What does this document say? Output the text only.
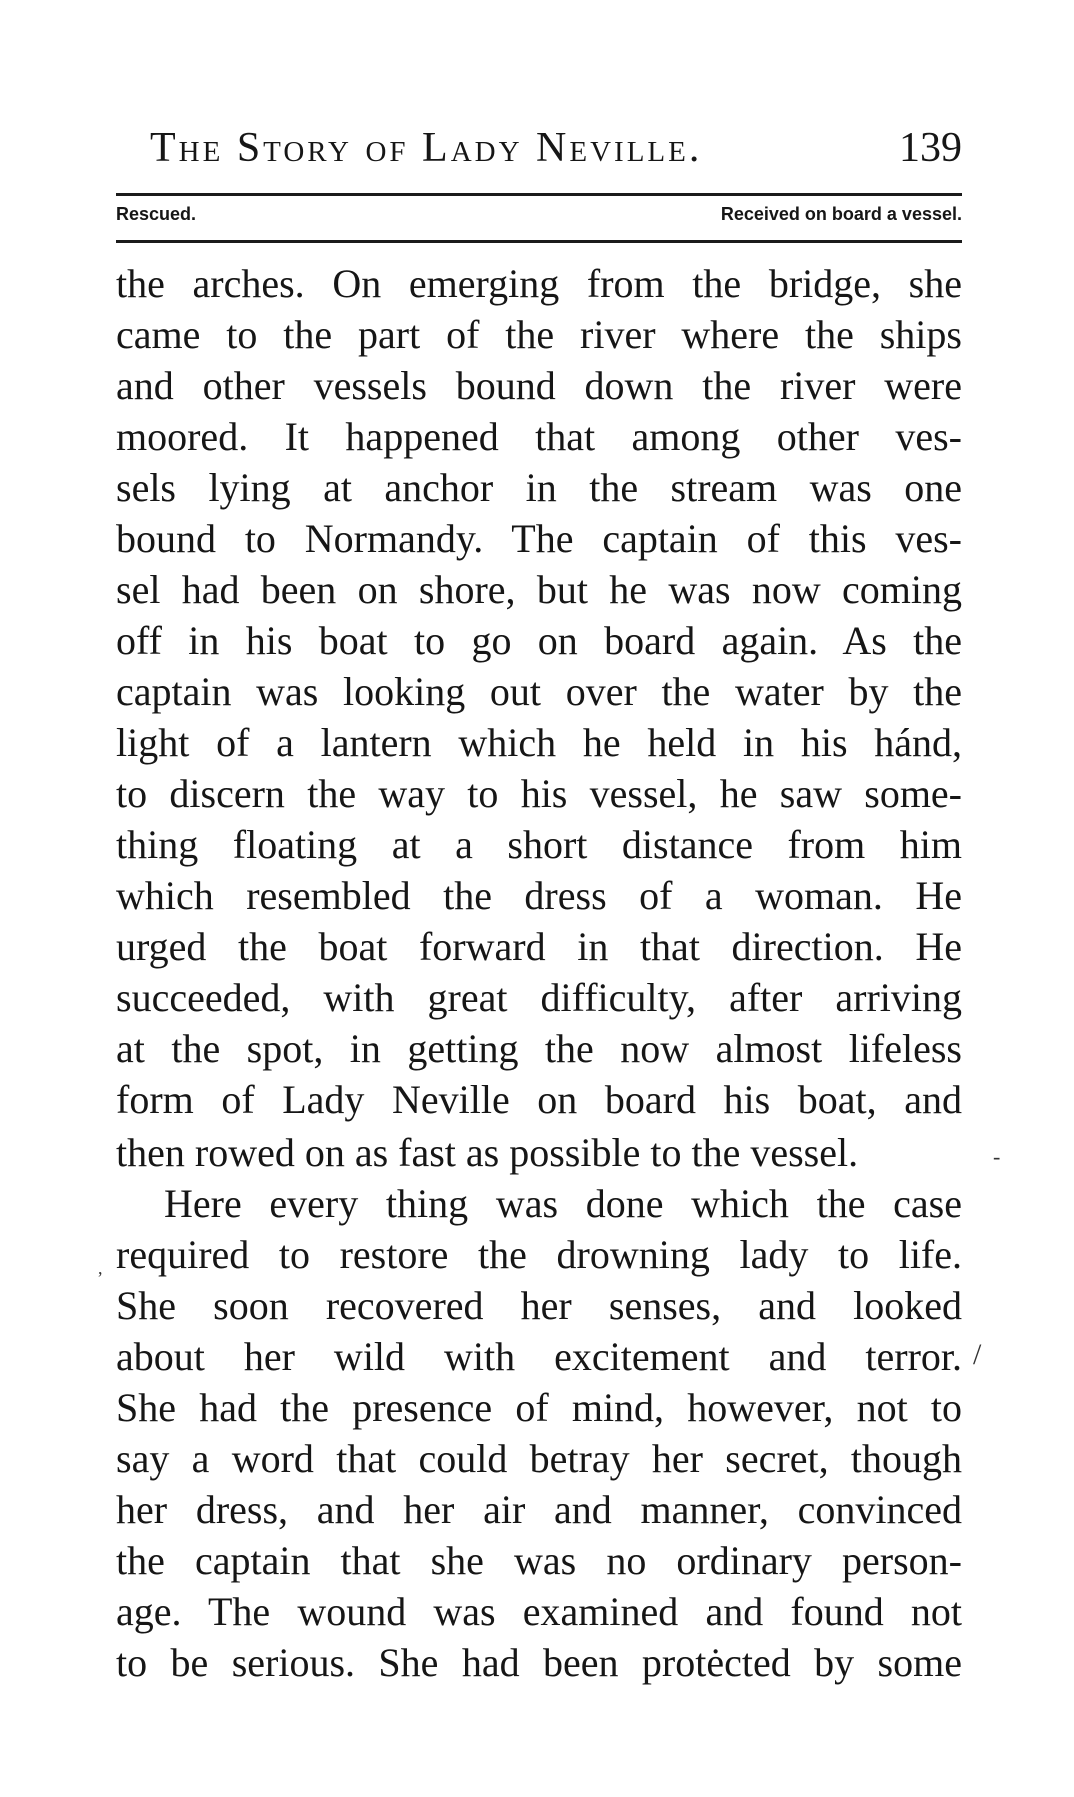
The Story of Lady Neville.	139
Rescued.	Received on board a vessel.
the arches. On emerging from the bridge, she
came to the part of the river where the ships
and other vessels bound down the river were
moored. It happened that among other ves-
sels lying at anchor in the stream was one
bound to Normandy. The captain of this ves-
sel had been on shore, but he was now coming
off in his boat to go on board again. As the
captain was looking out over the water by the
light of a lantern which he held in his hánd,
to discern the way to his vessel, he saw some-
thing floating at a short distance from him
which resembled the dress of a woman. He
urged the boat forward in that direction. He
succeeded, with great difficulty, after arriving
at the spot, in getting the now almost lifeless
form of Lady Neville on board his boat, and
then rowed on as fast as possible to the vessel.
Here every thing was done which the case
required to restore the drowning lady to life.
She soon recovered her senses, and looked
about her wild with excitement and terror.
She had the presence of mind, however, not to
say a word that could betray her secret, though
her dress, and her air and manner, convinced
the captain that she was no ordinary person-
age. The wound was examined and found not
to be serious. She had been protėcted by some
-
,
/
